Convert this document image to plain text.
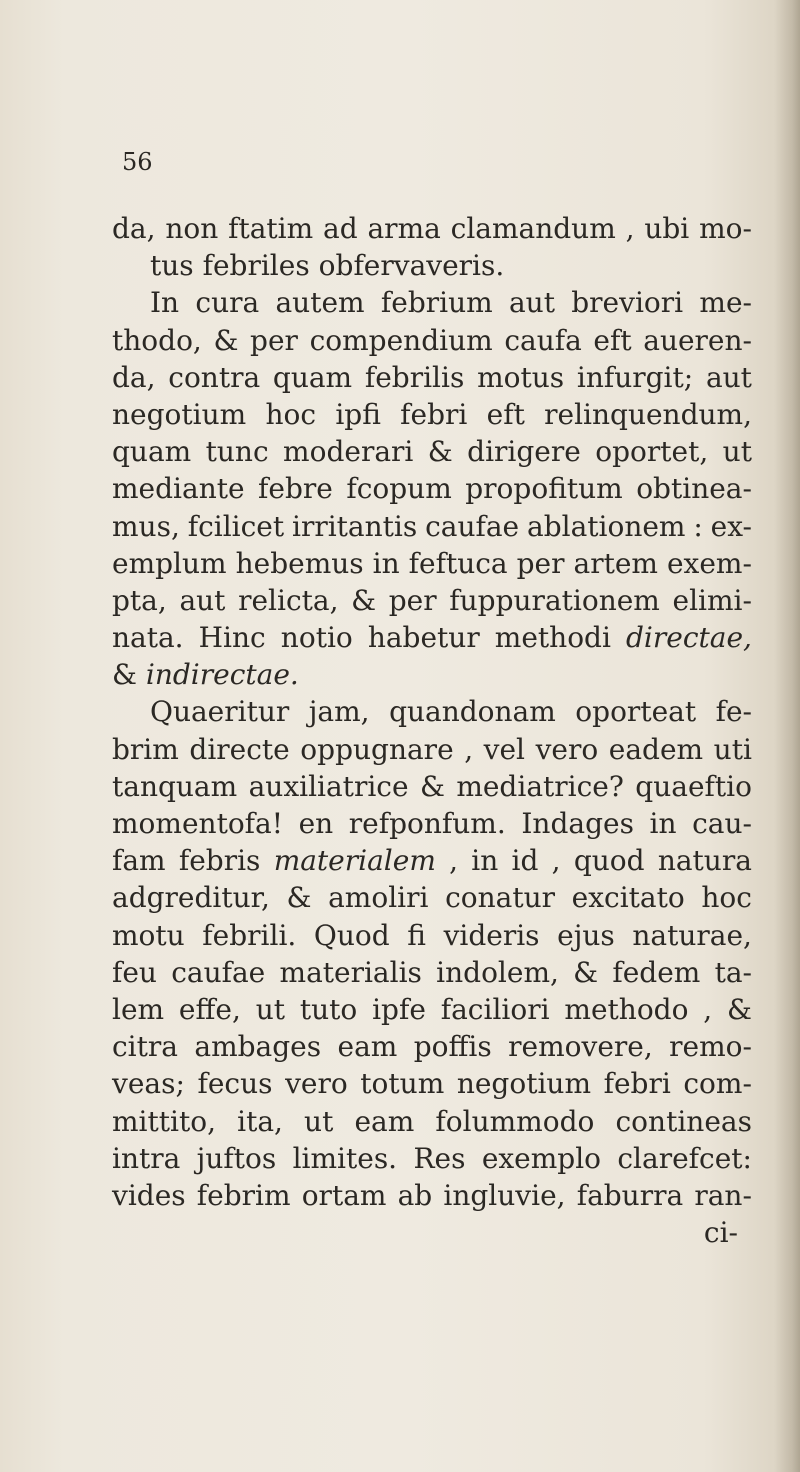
56
da, non ftatim ad arma clamandum , ubi mo-
tus febriles obfervaveris.
In cura autem febrium aut breviori me-
thodo, & per compendium caufa eft aueren-
da, contra quam febrilis motus infurgit; aut
negotium hoc ipfi febri eft relinquendum,
quam tunc moderari & dirigere oportet, ut
mediante febre fcopum propofitum obtinea-
mus, fcilicet irritantis caufae ablationem : ex-
emplum hebemus in feftuca per artem exem-
pta, aut relicta, & per fuppurationem elimi-
nata. Hinc notio habetur methodi directae,
& indirectae.
Quaeritur jam, quandonam oporteat fe-
brim directe oppugnare , vel vero eadem uti
tanquam auxiliatrice & mediatrice? quaeftio
momentofa! en refponfum. Indages in cau-
fam febris materialem , in id , quod natura
adgreditur, & amoliri conatur excitato hoc
motu febrili. Quod fi videris ejus naturae,
feu caufae materialis indolem, & fedem ta-
lem effe, ut tuto ipfe faciliori methodo , &
citra ambages eam poffis removere, remo-
veas; fecus vero totum negotium febri com-
mittito, ita, ut eam folummodo contineas
intra juftos limites. Res exemplo clarefcet:
vides febrim ortam ab ingluvie, faburra ran-
ci-
